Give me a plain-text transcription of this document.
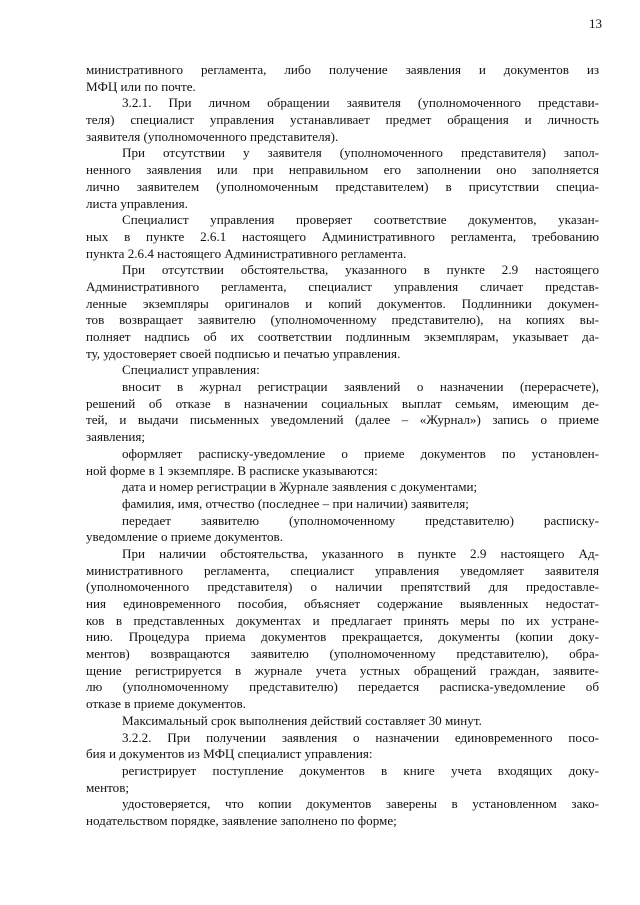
13
министративного регламента, либо получение заявления и документов из
МФЦ или по почте.
3.2.1. При личном обращении заявителя (уполномоченного представи-
теля) специалист управления устанавливает предмет обращения и личность
заявителя (уполномоченного представителя).
При отсутствии у заявителя (уполномоченного представителя) запол-
ненного заявления или при неправильном его заполнении оно заполняется
лично заявителем (уполномоченным представителем) в присутствии специа-
листа управления.
Специалист управления проверяет соответствие документов, указан-
ных в пункте 2.6.1 настоящего Административного регламента, требованию
пункта 2.6.4 настоящего Административного регламента.
При отсутствии обстоятельства, указанного в пункте 2.9 настоящего
Административного регламента, специалист управления сличает представ-
ленные экземпляры оригиналов и копий документов. Подлинники докумен-
тов возвращает заявителю (уполномоченному представителю), на копиях вы-
полняет надпись об их соответствии подлинным экземплярам, указывает да-
ту, удостоверяет своей подписью и печатью управления.
Специалист управления:
вносит в журнал регистрации заявлений о назначении (перерасчете),
решений об отказе в назначении социальных выплат семьям, имеющим де-
тей, и выдачи письменных уведомлений (далее – «Журнал») запись о приеме
заявления;
оформляет расписку-уведомление о приеме документов по установлен-
ной форме в 1 экземпляре. В расписке указываются:
дата и номер регистрации в Журнале заявления с документами;
фамилия, имя, отчество (последнее – при наличии) заявителя;
передает заявителю (уполномоченному представителю) расписку-
уведомление о приеме документов.
При наличии обстоятельства, указанного в пункте 2.9 настоящего Ад-
министративного регламента, специалист управления уведомляет заявителя
(уполномоченного представителя) о наличии препятствий для предоставле-
ния единовременного пособия, объясняет содержание выявленных недостат-
ков в представленных документах и предлагает принять меры по их устране-
нию. Процедура приема документов прекращается, документы (копии доку-
ментов) возвращаются заявителю (уполномоченному представителю), обра-
щение регистрируется в журнале учета устных обращений граждан, заявите-
лю (уполномоченному представителю) передается расписка-уведомление об
отказе в приеме документов.
Максимальный срок выполнения действий составляет 30 минут.
3.2.2. При получении заявления о назначении единовременного посо-
бия и документов из МФЦ специалист управления:
регистрирует поступление документов в книге учета входящих доку-
ментов;
удостоверяется, что копии документов заверены в установленном зако-
нодательством порядке, заявление заполнено по форме;
